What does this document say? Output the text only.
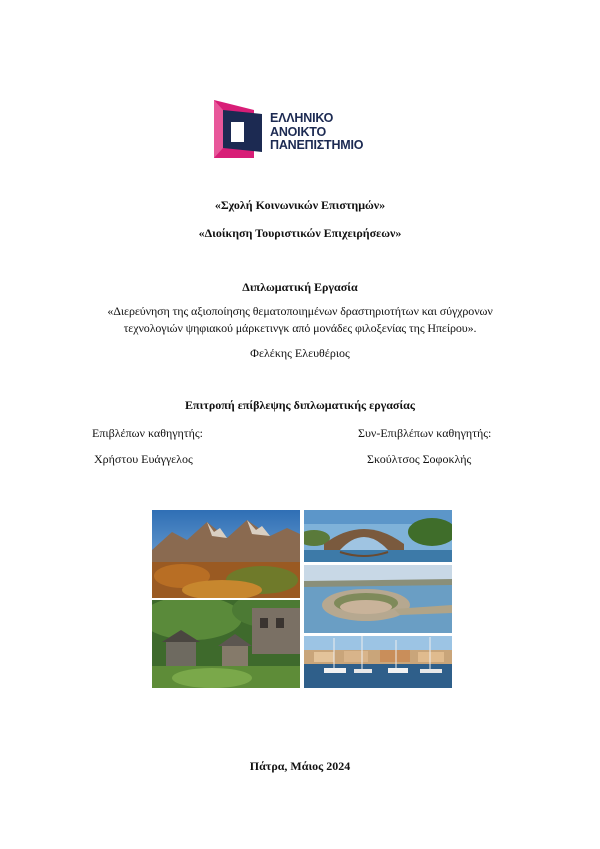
ΕΛΛΗΝΙΚΟ
ΑΝΟΙΚΤΟ
ΠΑΝΕΠΙΣΤΗΜΙΟ
«Σχολή Κοινωνικών Επιστημών»
«Διοίκηση Τουριστικών Επιχειρήσεων»
Διπλωματική Εργασία
«Διερεύνηση της αξιοποίησης θεματοποιημένων δραστηριοτήτων και σύγχρονων
τεχνολογιών ψηφιακού μάρκετινγκ από μονάδες φιλοξενίας της Ηπείρου».
Φελέκης Ελευθέριος
Επιτροπή επίβλεψης διπλωματικής εργασίας
Επιβλέπων καθηγητής:	Συν-Επιβλέπων καθηγητής:
Χρήστου Ευάγγελος	Σκούλτσος Σοφοκλής
Πάτρα, Μάιος 2024
